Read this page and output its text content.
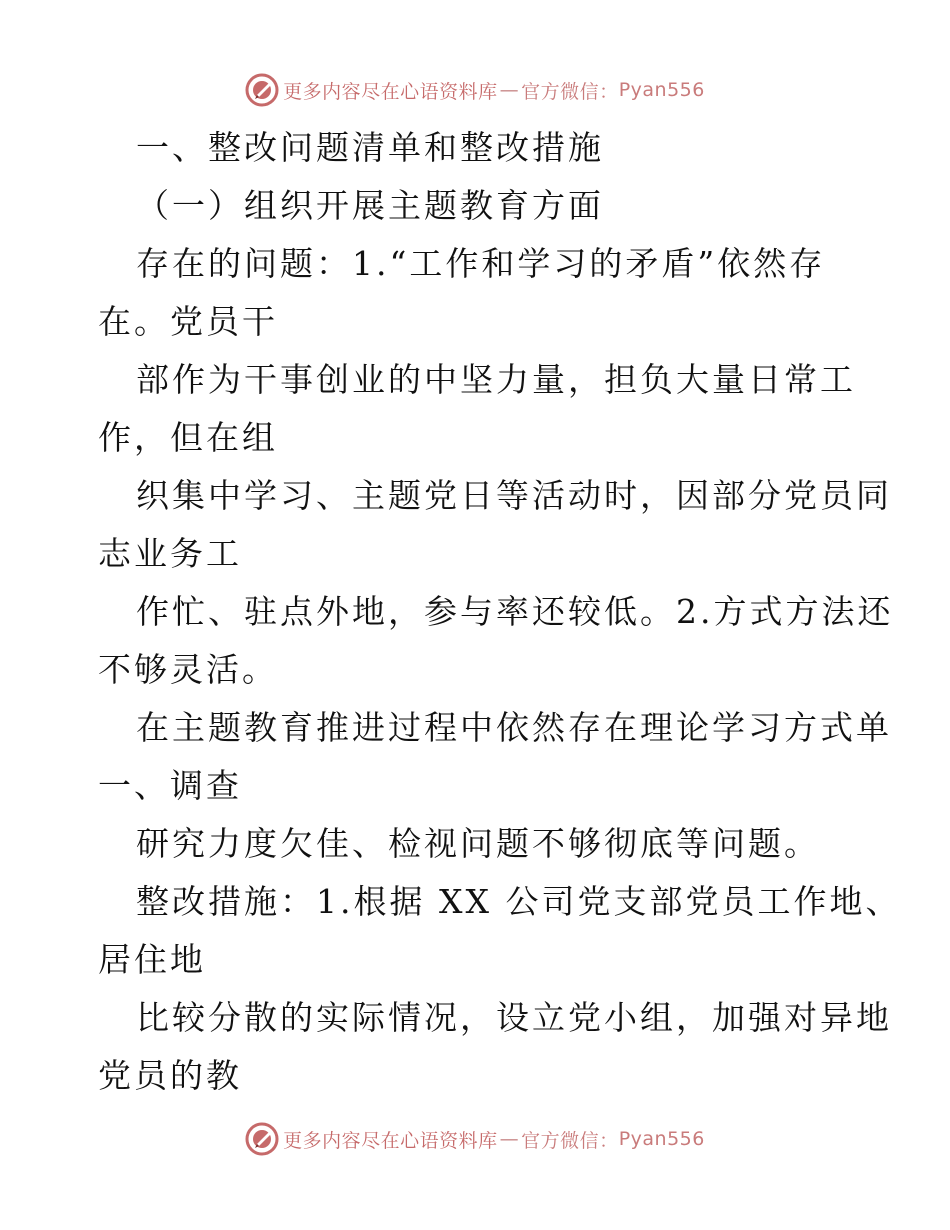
更多内容尽在心语资料库 — 官方微信： Pyan556
一、整改问题清单和整改措施
（一）组织开展主题教育方面
存在的问题：1.“工作和学习的矛盾”依然存
在。党员干
部作为干事创业的中坚力量，担负大量日常工
作，但在组
织集中学习、主题党日等活动时，因部分党员同
志业务工
作忙、驻点外地，参与率还较低。2.方式方法还
不够灵活。
在主题教育推进过程中依然存在理论学习方式单
一、调查
研究力度欠佳、检视问题不够彻底等问题。
整改措施：1.根据 XX 公司党支部党员工作地、
居住地
比较分散的实际情况，设立党小组，加强对异地
党员的教
更多内容尽在心语资料库 — 官方微信： Pyan556
